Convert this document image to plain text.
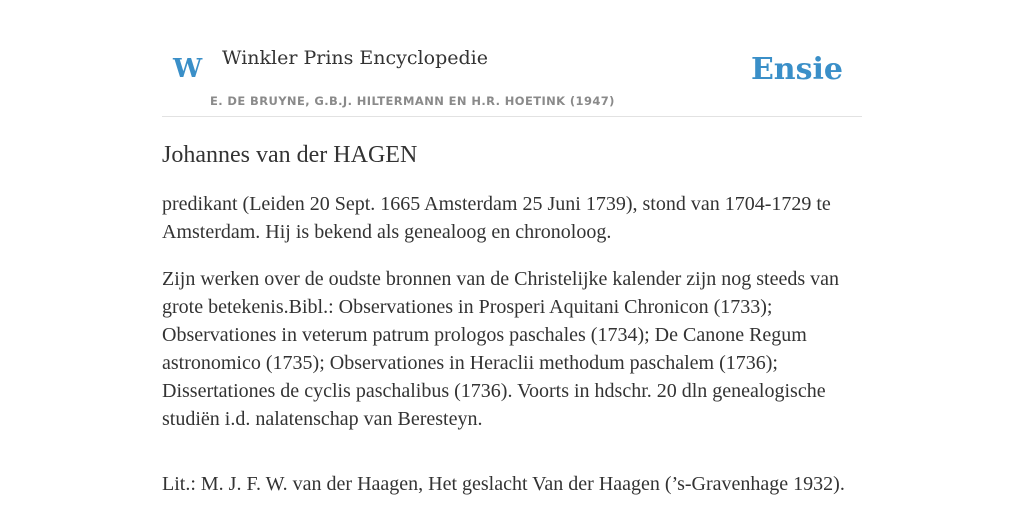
W Winkler Prins Encyclopedie
E. DE BRUYNE, G.B.J. HILTERMANN EN H.R. HOETINK (1947)
Ensie
Johannes van der HAGEN

predikant (Leiden 20 Sept. 1665 Amsterdam 25 Juni 1739), stond van 1704-1729 te Amsterdam. Hij is bekend als genealoog en chronoloog.

Zijn werken over de oudste bronnen van de Christelijke kalender zijn nog steeds van grote betekenis.Bibl.: Observationes in Prosperi Aquitani Chronicon (1733); Observationes in veterum patrum prologos paschales (1734); De Canone Regum astronomico (1735); Observationes in Heraclii methodum paschalem (1736); Dissertationes de cyclis paschalibus (1736). Voorts in hdschr. 20 dln genealogische studiën i.d. nalatenschap van Beresteyn.

Lit.: M. J. F. W. van der Haagen, Het geslacht Van der Haagen (’s-Gravenhage 1932).
